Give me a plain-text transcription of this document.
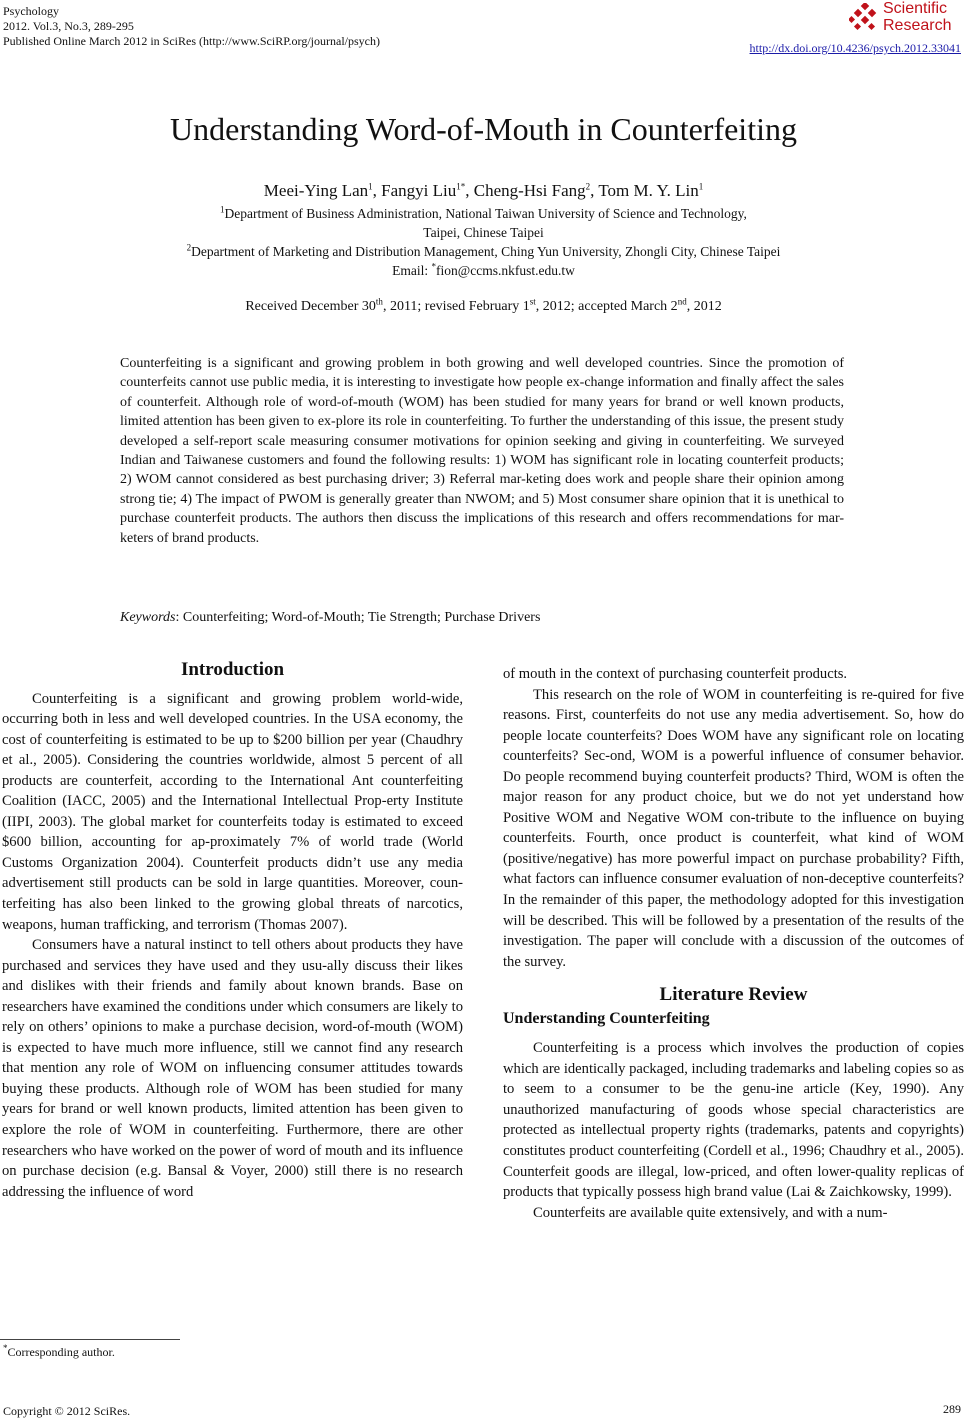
Psychology
2012. Vol.3, No.3, 289-295
Published Online March 2012 in SciRes (http://www.SciRP.org/journal/psych)
Scientific
Research
http://dx.doi.org/10.4236/psych.2012.33041
Understanding Word-of-Mouth in Counterfeiting
Meei-Ying Lan$^1$, Fangyi Liu$^{1*}$, Cheng-Hsi Fang$^2$, Tom M. Y. Lin$^1$
$^1$Department of Business Administration, National Taiwan University of Science and Technology,
Taipei, Chinese Taipei
$^2$Department of Marketing and Distribution Management, Ching Yun University, Zhongli City, Chinese Taipei
Email: *fion@ccms.nkfust.edu.tw
Received December 30th, 2011; revised February 1st, 2012; accepted March 2nd, 2012
Counterfeiting is a significant and growing problem in both growing and well developed countries. Since the promotion of counterfeits cannot use public media, it is interesting to investigate how people ex-change information and finally affect the sales of counterfeit. Although role of word-of-mouth (WOM) has been studied for many years for brand or well known products, limited attention has been given to ex-plore its role in counterfeiting. To further the understanding of this issue, the present study developed a self-report scale measuring consumer motivations for opinion seeking and giving in counterfeiting. We surveyed Indian and Taiwanese customers and found the following results: 1) WOM has significant role in locating counterfeit products; 2) WOM cannot considered as best purchasing driver; 3) Referral mar-keting does work and people share their opinion among strong tie; 4) The impact of PWOM is generally greater than NWOM; and 5) Most consumer share opinion that it is unethical to purchase counterfeit products. The authors then discuss the implications of this research and offers recommendations for mar-keters of brand products.
Keywords: Counterfeiting; Word-of-Mouth; Tie Strength; Purchase Drivers
Introduction

Counterfeiting is a significant and growing problem world-wide, occurring both in less and well developed countries. In the USA economy, the cost of counterfeiting is estimated to be up to $200 billion per year (Chaudhry et al., 2005). Considering the countries worldwide, almost 5 percent of all products are counterfeit, according to the International Ant counterfeiting Coalition (IACC, 2005) and the International Intellectual Prop-erty Institute (IIPI, 2003). The global market for counterfeits today is estimated to exceed $600 billion, accounting for ap-proximately 7% of world trade (World Customs Organization 2004). Counterfeit products didn’t use any media advertisement still products can be sold in large quantities. Moreover, coun-terfeiting has also been linked to the growing global threats of narcotics, weapons, human trafficking, and terrorism (Thomas 2007).

Consumers have a natural instinct to tell others about products they have purchased and services they have used and they usu-ally discuss their likes and dislikes with their friends and family about known brands. Base on researchers have examined the conditions under which consumers are likely to rely on others’ opinions to make a purchase decision, word-of-mouth (WOM) is expected to have much more influence, still we cannot find any research that mention any role of WOM on influencing consumer attitudes towards buying these products. Although role of WOM has been studied for many years for brand or well known products, limited attention has been given to explore the role of WOM in counterfeiting. Furthermore, there are other researchers who have worked on the power of word of mouth and its influence on purchase decision (e.g. Bansal & Voyer, 2000) still there is no research addressing the influence of word

of mouth in the context of purchasing counterfeit products.

This research on the role of WOM in counterfeiting is re-quired for five reasons. First, counterfeits do not use any media advertisement. So, how do people locate counterfeits? Does WOM have any significant role on locating counterfeits? Sec-ond, WOM is a powerful influence of consumer behavior. Do people recommend buying counterfeit products? Third, WOM is often the major reason for any product choice, but we do not yet understand how Positive WOM and Negative WOM con-tribute to the influence on buying counterfeits. Fourth, once product is counterfeit, what kind of WOM (positive/negative) has more powerful impact on purchase probability? Fifth, what factors can influence consumer evaluation of non-deceptive counterfeits? In the remainder of this paper, the methodology adopted for this investigation will be described. This will be followed by a presentation of the results of the investigation. The paper will conclude with a discussion of the outcomes of the survey.

Literature Review
Understanding Counterfeiting

Counterfeiting is a process which involves the production of copies which are identically packaged, including trademarks and labeling copies so as to seem to a consumer to be the genu-ine article (Key, 1990). Any unauthorized manufacturing of goods whose special characteristics are protected as intellectual property rights (trademarks, patents and copyrights) constitutes product counterfeiting (Cordell et al., 1996; Chaudhry et al., 2005). Counterfeit goods are illegal, low-priced, and often lower-quality replicas of products that typically possess high brand value (Lai & Zaichkowsky, 1999).

Counterfeits are available quite extensively, and with a num-

*Corresponding author.
Copyright © 2012 SciRes.	289
